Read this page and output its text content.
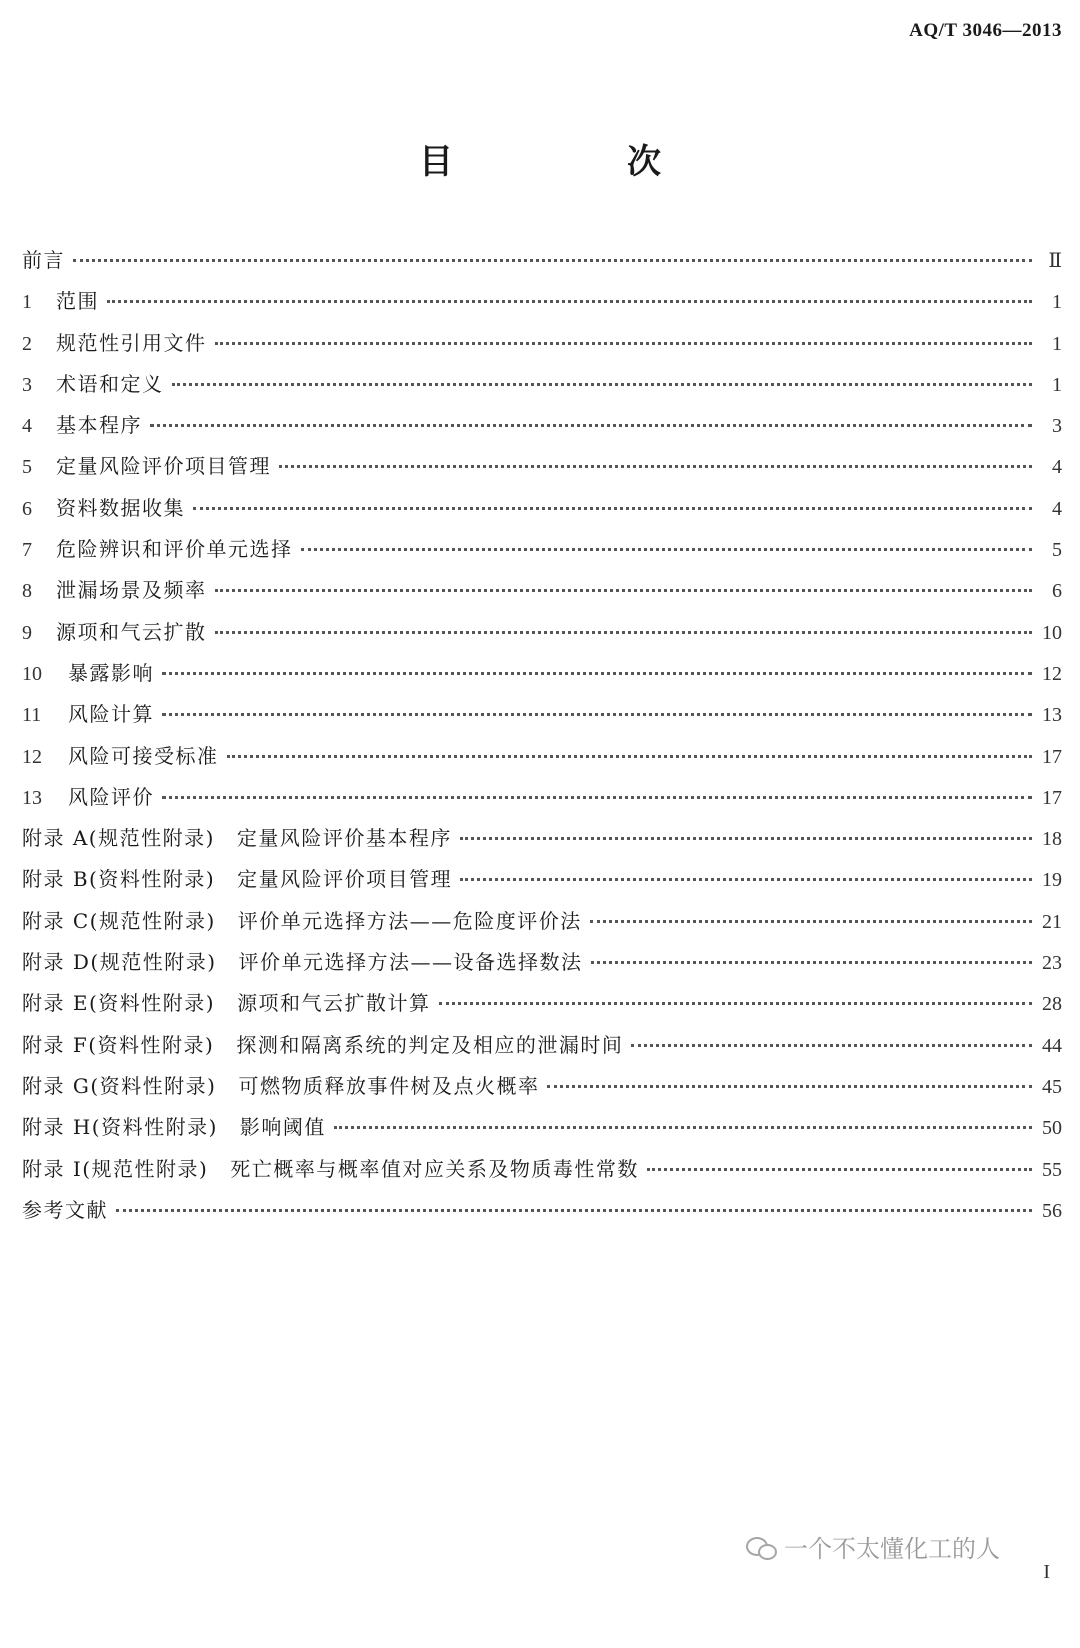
AQ/T 3046—2013
目　次
前言	Ⅱ
1	范围	1
2	规范性引用文件	1
3	术语和定义	1
4	基本程序	3
5	定量风险评价项目管理	4
6	资料数据收集	4
7	危险辨识和评价单元选择	5
8	泄漏场景及频率	6
9	源项和气云扩散	10
10	暴露影响	12
11	风险计算	13
12	风险可接受标准	17
13	风险评价	17
附录 A(规范性附录) 定量风险评价基本程序	18
附录 B(资料性附录) 定量风险评价项目管理	19
附录 C(规范性附录) 评价单元选择方法——危险度评价法	21
附录 D(规范性附录) 评价单元选择方法——设备选择数法	23
附录 E(资料性附录) 源项和气云扩散计算	28
附录 F(资料性附录) 探测和隔离系统的判定及相应的泄漏时间	44
附录 G(资料性附录) 可燃物质释放事件树及点火概率	45
附录 H(资料性附录) 影响阈值	50
附录 I(规范性附录) 死亡概率与概率值对应关系及物质毒性常数	55
参考文献	56
一个不太懂化工的人
I
